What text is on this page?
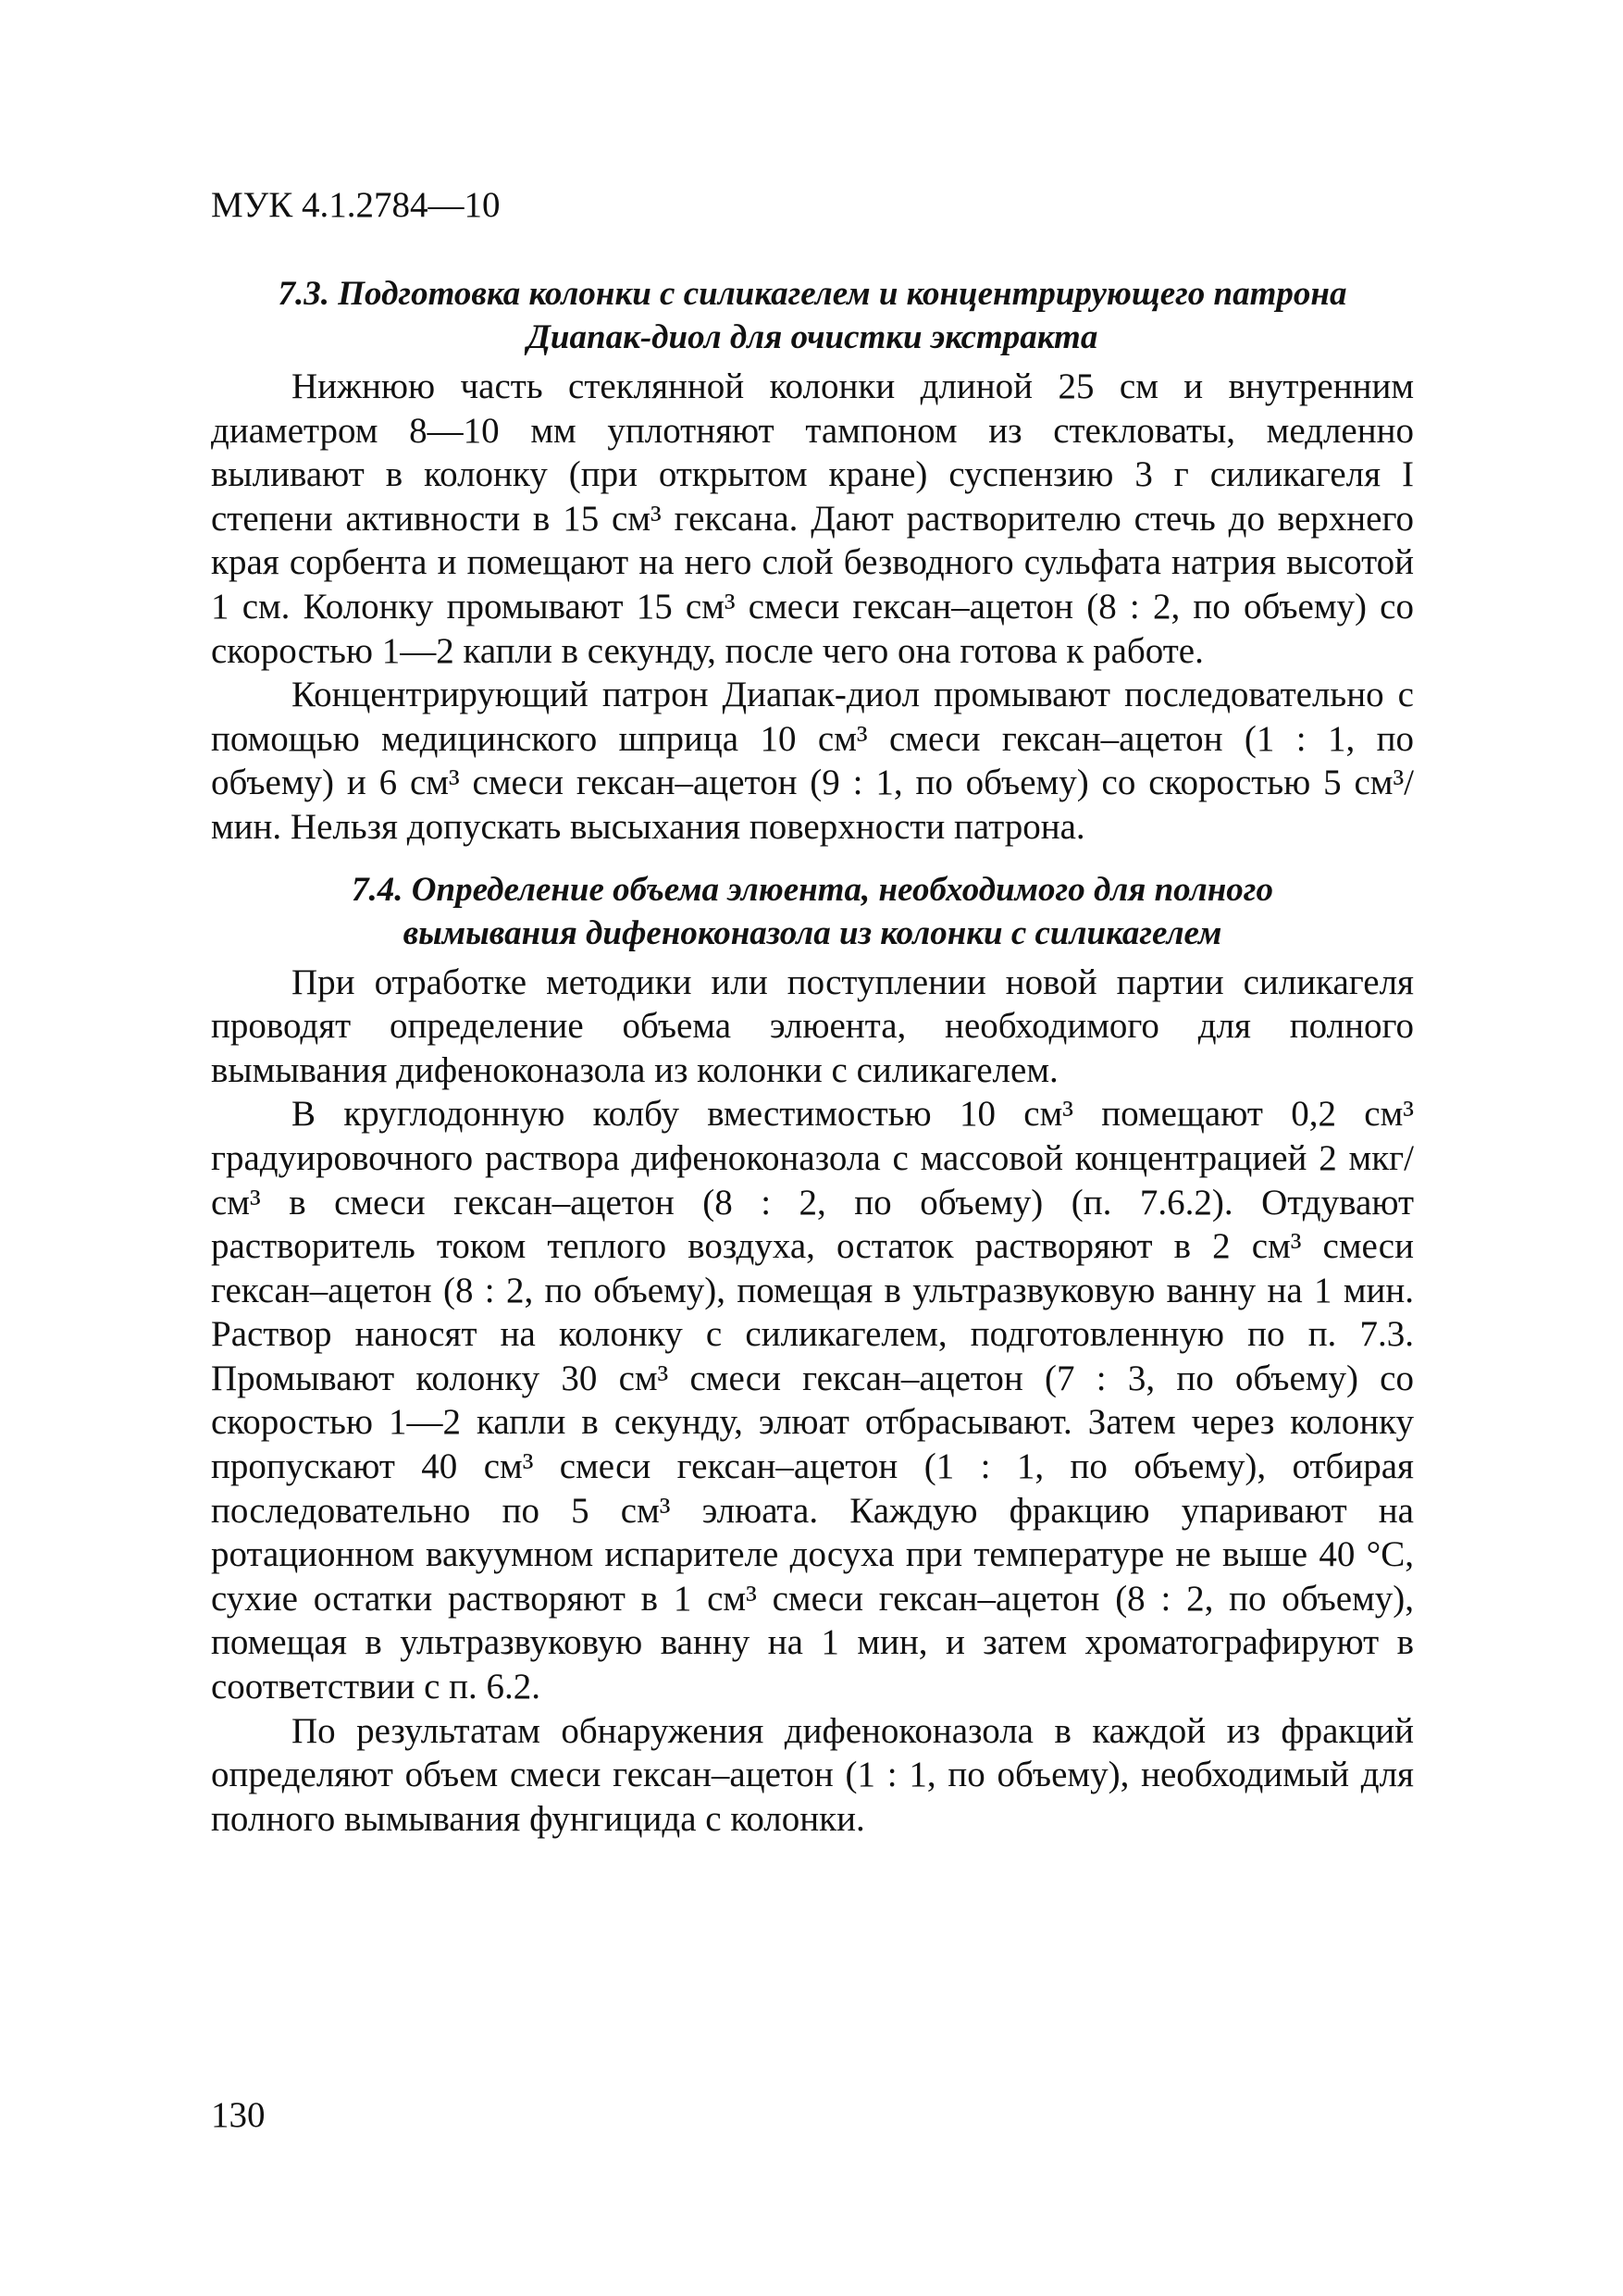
МУК 4.1.2784—10

7.3. Подготовка колонки с силикагелем и концентрирующего патрона Диапак-диол для очистки экстракта

Нижнюю часть стеклянной колонки длиной 25 см и внутренним диаметром 8—10 мм уплотняют тампоном из стекловаты, медленно выливают в колонку (при открытом кране) суспензию 3 г силикагеля I степени активности в 15 см³ гексана. Дают растворителю стечь до верхнего края сорбента и помещают на него слой безводного сульфата натрия высотой 1 см. Колонку промывают 15 см³ смеси гексан–ацетон (8 : 2, по объему) со скоростью 1—2 капли в секунду, после чего она готова к работе.

Концентрирующий патрон Диапак-диол промывают последовательно с помощью медицинского шприца 10 см³ смеси гексан–ацетон (1 : 1, по объему) и 6 см³ смеси гексан–ацетон (9 : 1, по объему) со скоростью 5 см³/мин. Нельзя допускать высыхания поверхности патрона.

7.4. Определение объема элюента, необходимого для полного вымывания дифеноконазола из колонки с силикагелем

При отработке методики или поступлении новой партии силикагеля проводят определение объема элюента, необходимого для полного вымывания дифеноконазола из колонки с силикагелем.

В круглодонную колбу вместимостью 10 см³ помещают 0,2 см³ градуировочного раствора дифеноконазола с массовой концентрацией 2 мкг/см³ в смеси гексан–ацетон (8 : 2, по объему) (п. 7.6.2). Отдувают растворитель током теплого воздуха, остаток растворяют в 2 см³ смеси гексан–ацетон (8 : 2, по объему), помещая в ультразвуковую ванну на 1 мин. Раствор наносят на колонку с силикагелем, подготовленную по п. 7.3. Промывают колонку 30 см³ смеси гексан–ацетон (7 : 3, по объему) со скоростью 1—2 капли в секунду, элюат отбрасывают. Затем через колонку пропускают 40 см³ смеси гексан–ацетон (1 : 1, по объему), отбирая последовательно по 5 см³ элюата. Каждую фракцию упаривают на ротационном вакуумном испарителе досуха при температуре не выше 40 °С, сухие остатки растворяют в 1 см³ смеси гексан–ацетон (8 : 2, по объему), помещая в ультразвуковую ванну на 1 мин, и затем хроматографируют в соответствии с п. 6.2.

По результатам обнаружения дифеноконазола в каждой из фракций определяют объем смеси гексан–ацетон (1 : 1, по объему), необходимый для полного вымывания фунгицида с колонки.

130
